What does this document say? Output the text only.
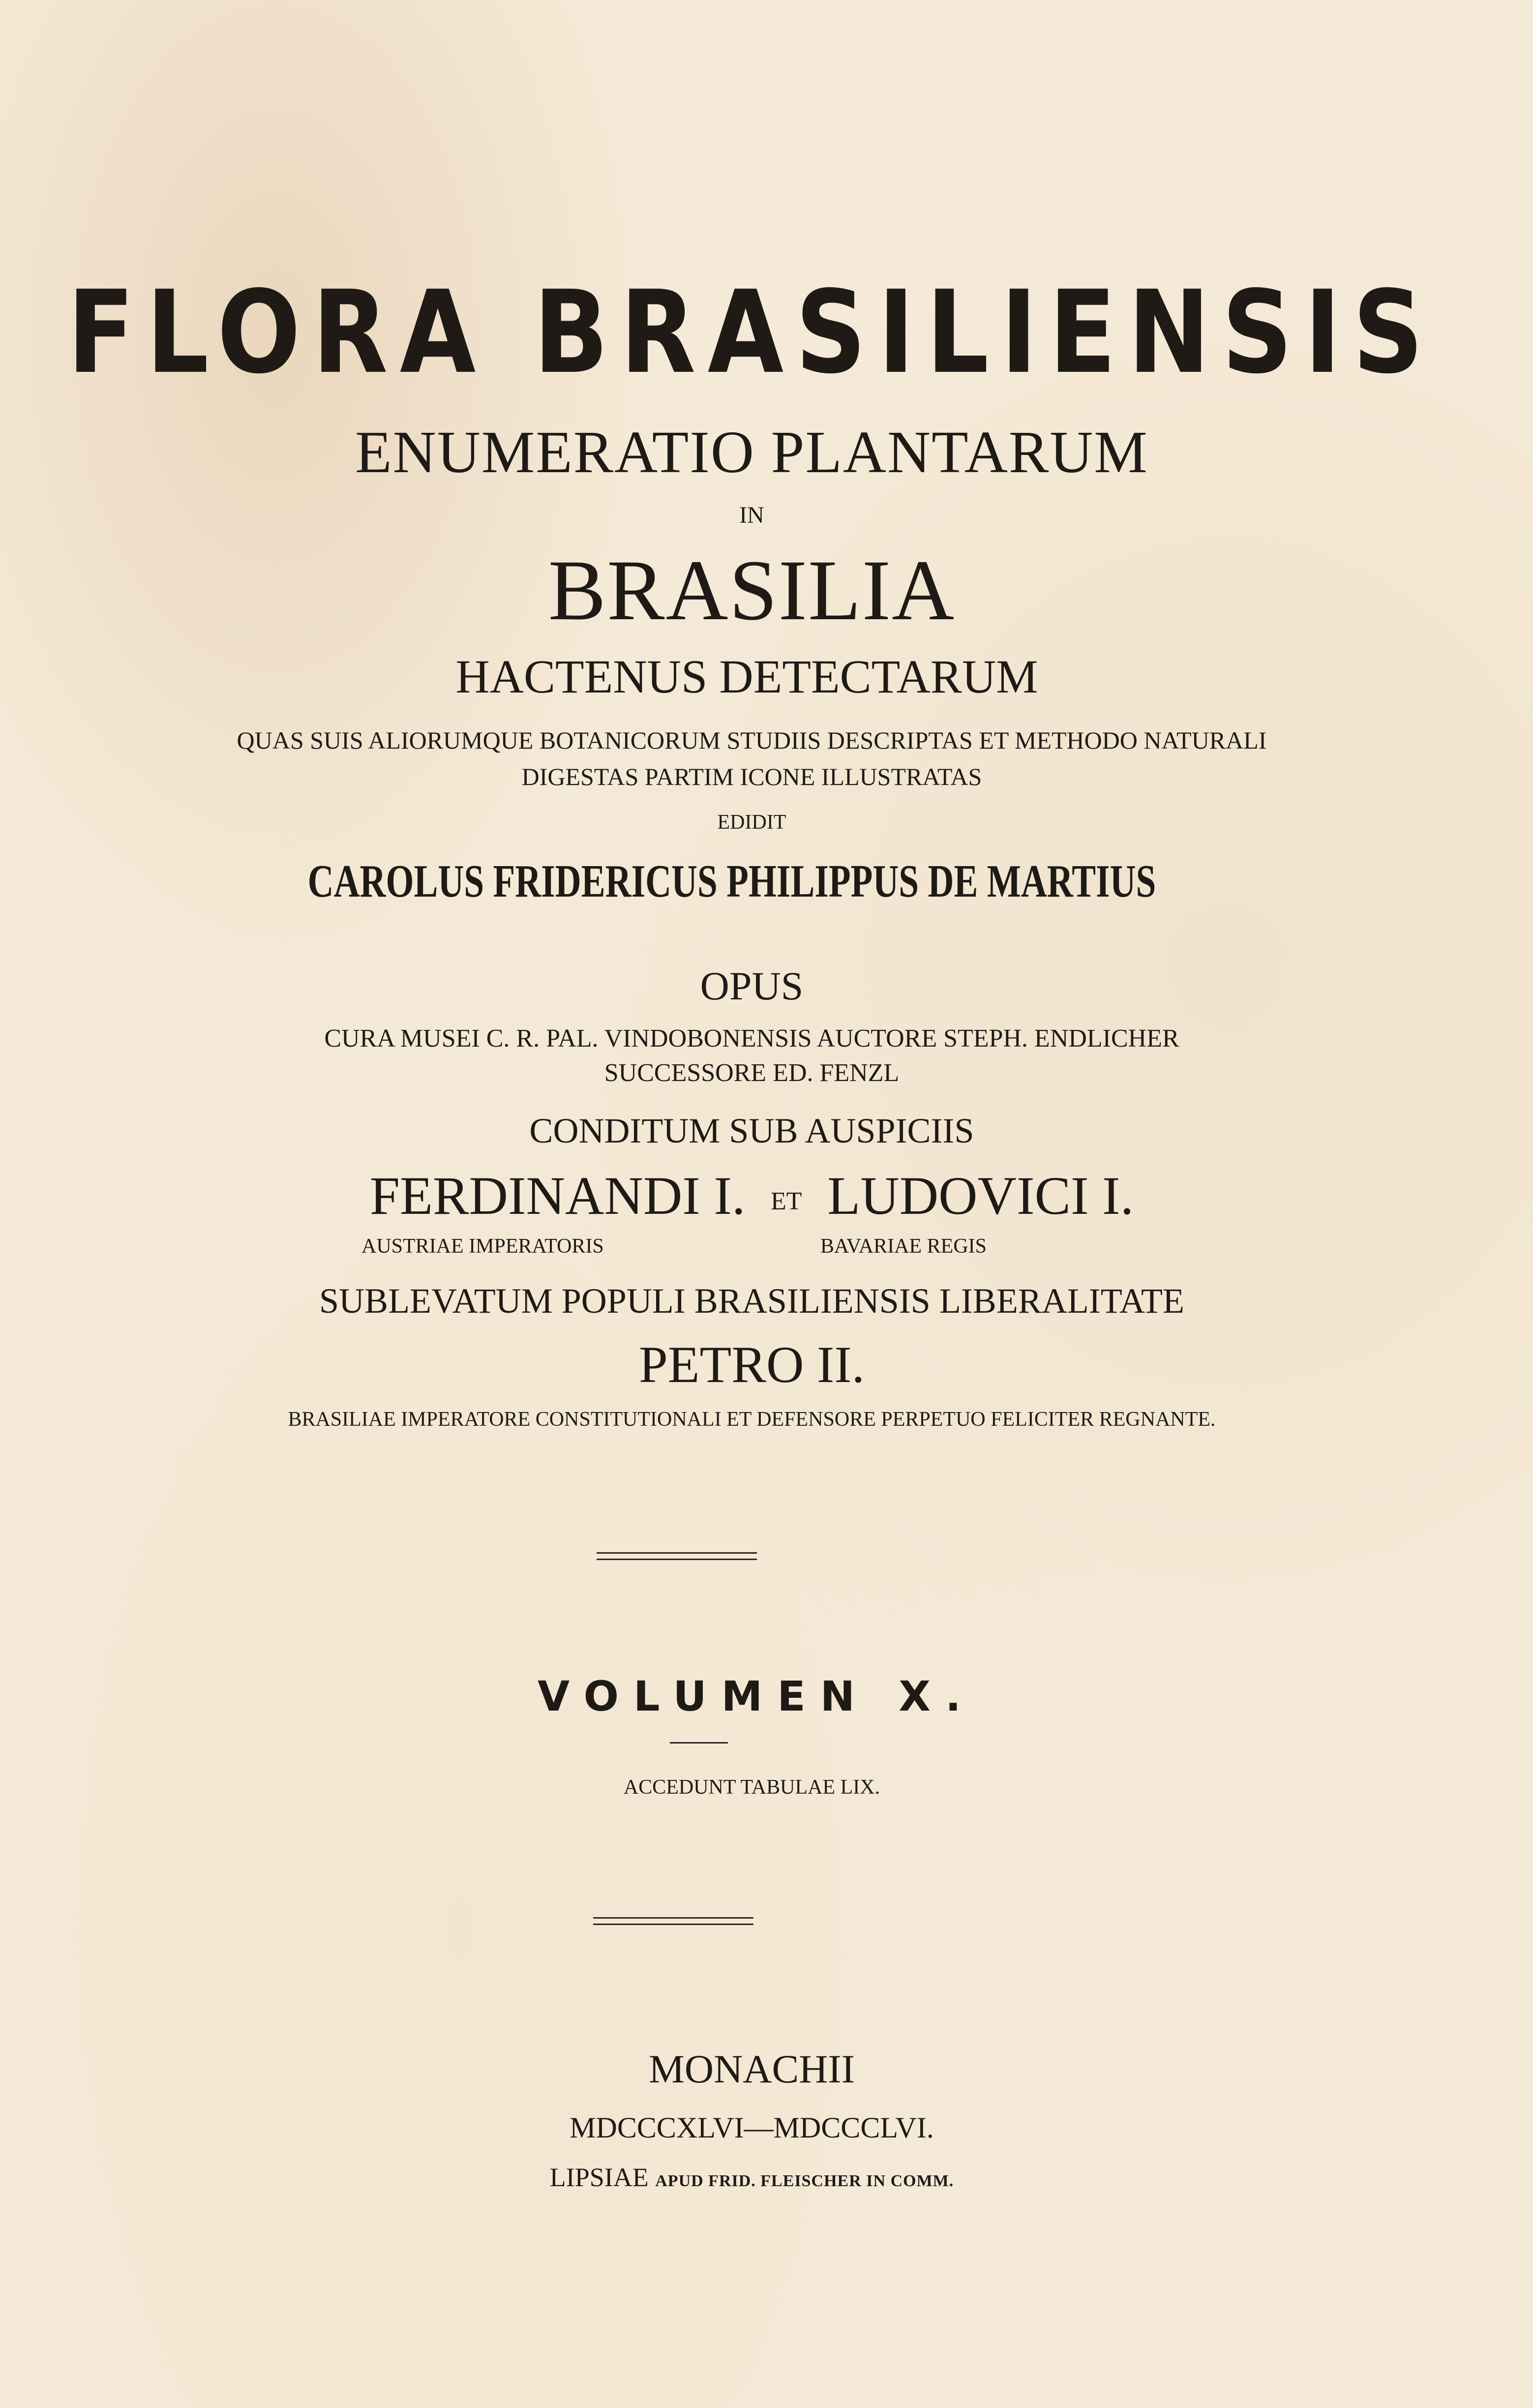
FLORA BRASILIENSIS
ENUMERATIO PLANTARUM
IN
BRASILIA
HACTENUS DETECTARUM
QUAS SUIS ALIORUMQUE BOTANICORUM STUDIIS DESCRIPTAS ET METHODO NATURALI
DIGESTAS PARTIM ICONE ILLUSTRATAS
EDIDIT
CAROLUS FRIDERICUS PHILIPPUS DE MARTIUS
OPUS
CURA MUSEI C. R. PAL. VINDOBONENSIS AUCTORE STEPH. ENDLICHER
SUCCESSORE ED. FENZL
CONDITUM SUB AUSPICIIS
FERDINANDI I. ET LUDOVICI I.
AUSTRIAE IMPERATORIS	BAVARIAE REGIS
SUBLEVATUM POPULI BRASILIENSIS LIBERALITATE
PETRO II.
BRASILIAE IMPERATORE CONSTITUTIONALI ET DEFENSORE PERPETUO FELICITER REGNANTE.
VOLUMEN X.
ACCEDUNT TABULAE LIX.
MONACHII
MDCCCXLVI—MDCCCLVI.
LIPSIAE APUD FRID. FLEISCHER IN COMM.
